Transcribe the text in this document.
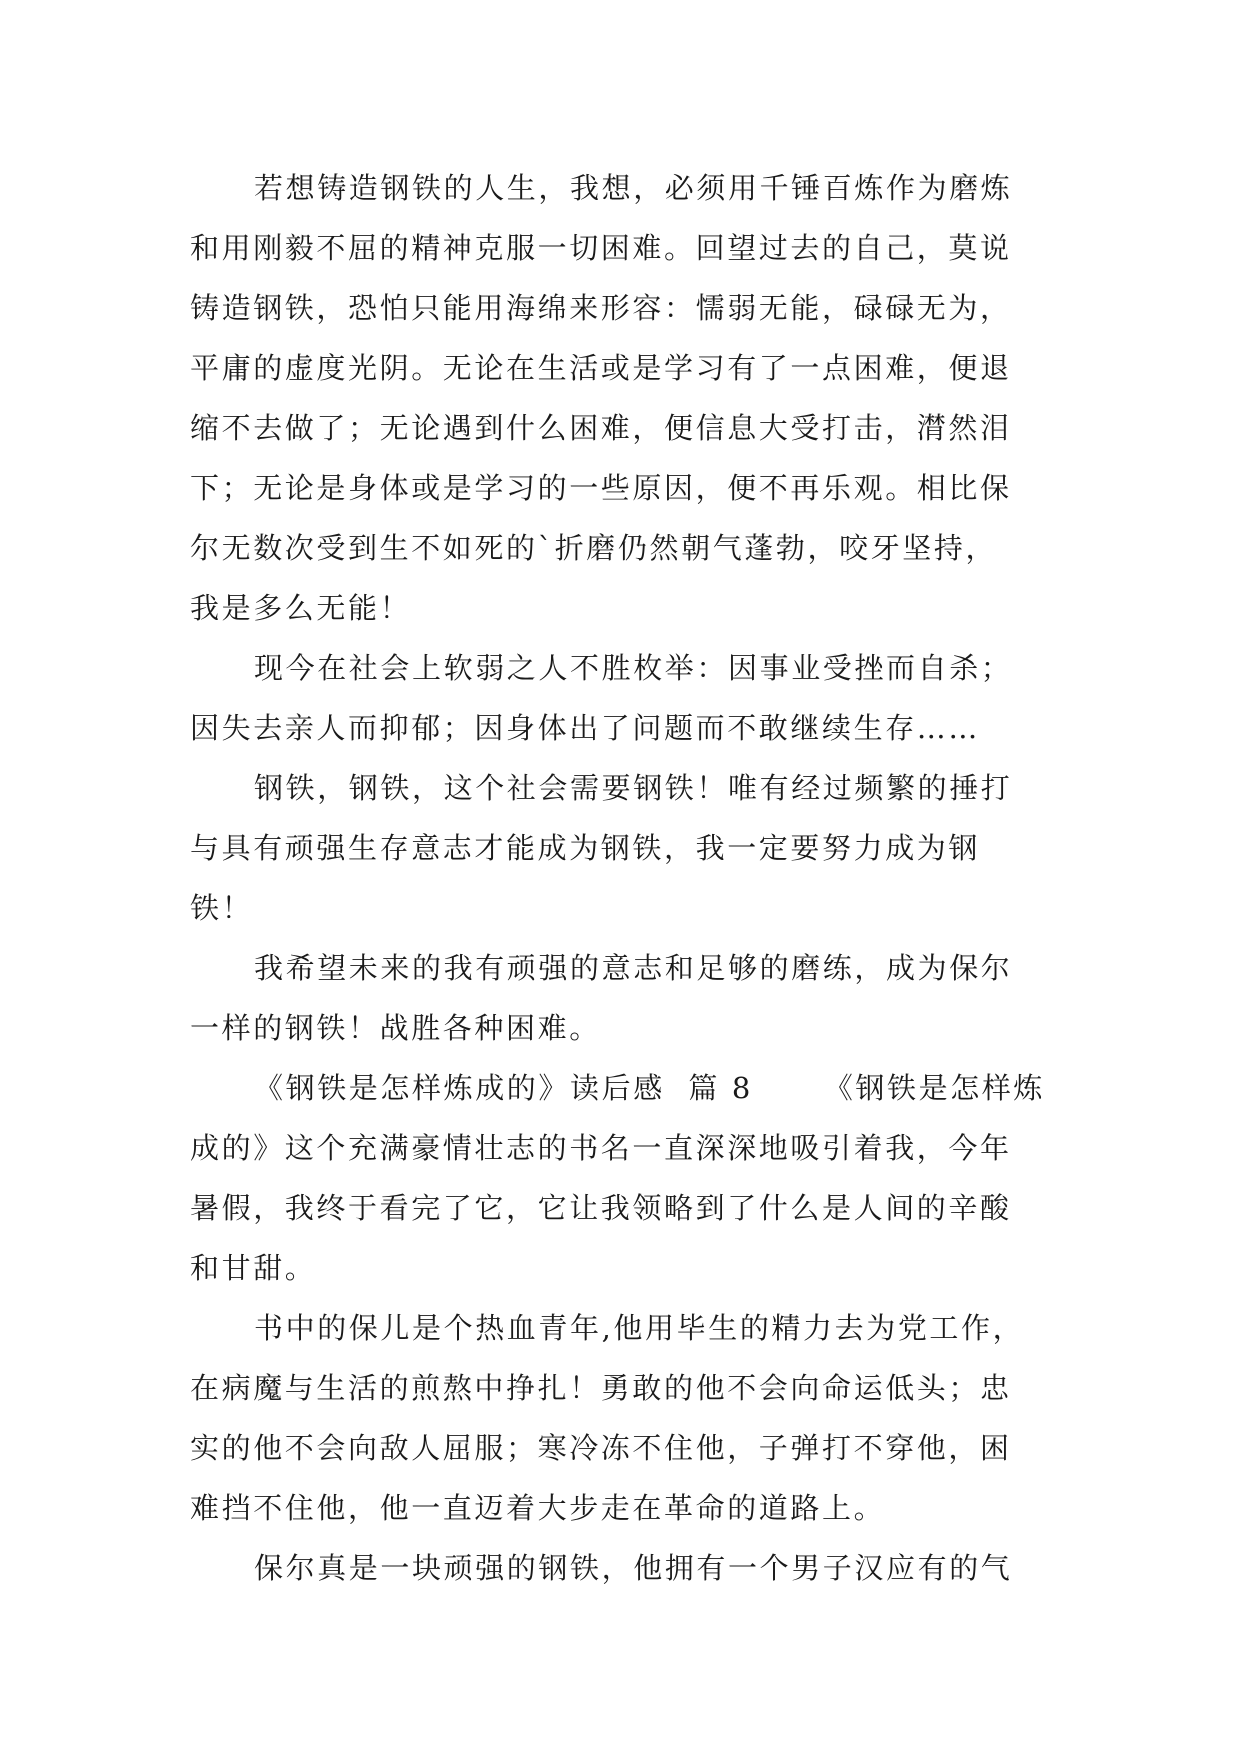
若想铸造钢铁的人生，我想，必须用千锤百炼作为磨炼
和用刚毅不屈的精神克服一切困难。回望过去的自己，莫说
铸造钢铁，恐怕只能用海绵来形容：懦弱无能，碌碌无为，
平庸的虚度光阴。无论在生活或是学习有了一点困难，便退
缩不去做了；无论遇到什么困难，便信息大受打击，潸然泪
下；无论是身体或是学习的一些原因，便不再乐观。相比保
尔无数次受到生不如死的`折磨仍然朝气蓬勃，咬牙坚持，
我是多么无能！
现今在社会上软弱之人不胜枚举：因事业受挫而自杀；
因失去亲人而抑郁；因身体出了问题而不敢继续生存……
钢铁，钢铁，这个社会需要钢铁！唯有经过频繁的捶打
与具有顽强生存意志才能成为钢铁，我一定要努力成为钢
铁！
我希望未来的我有顽强的意志和足够的磨练，成为保尔
一样的钢铁！战胜各种困难。
《钢铁是怎样炼成的》读后感  篇 8      《钢铁是怎样炼
成的》这个充满豪情壮志的书名一直深深地吸引着我，今年
暑假，我终于看完了它，它让我领略到了什么是人间的辛酸
和甘甜。
书中的保儿是个热血青年,他用毕生的精力去为党工作，
在病魔与生活的煎熬中挣扎！勇敢的他不会向命运低头；忠
实的他不会向敌人屈服；寒冷冻不住他，子弹打不穿他，困
难挡不住他，他一直迈着大步走在革命的道路上。
保尔真是一块顽强的钢铁，他拥有一个男子汉应有的气
